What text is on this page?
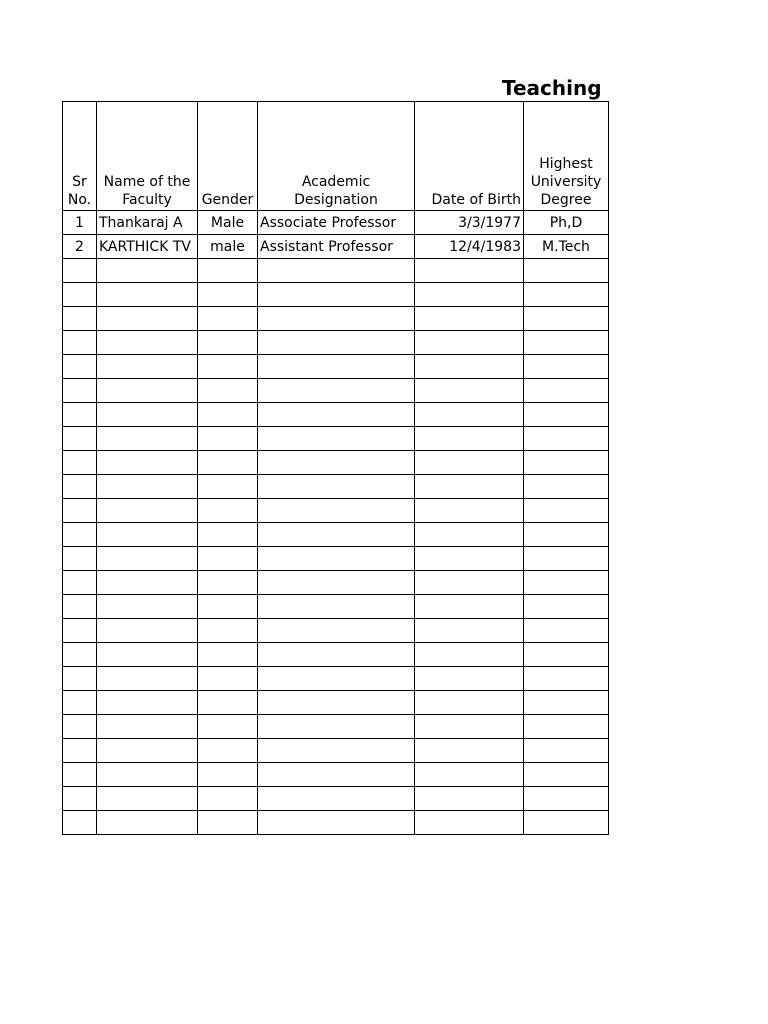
Teaching
Sr No.	Name of the Faculty	Gender	Academic Designation	Date of Birth	Highest University Degree
1	Thankaraj A	Male	Associate Professor	3/3/1977	Ph,D
2	KARTHICK TV	male	Assistant Professor	12/4/1983	M.Tech
